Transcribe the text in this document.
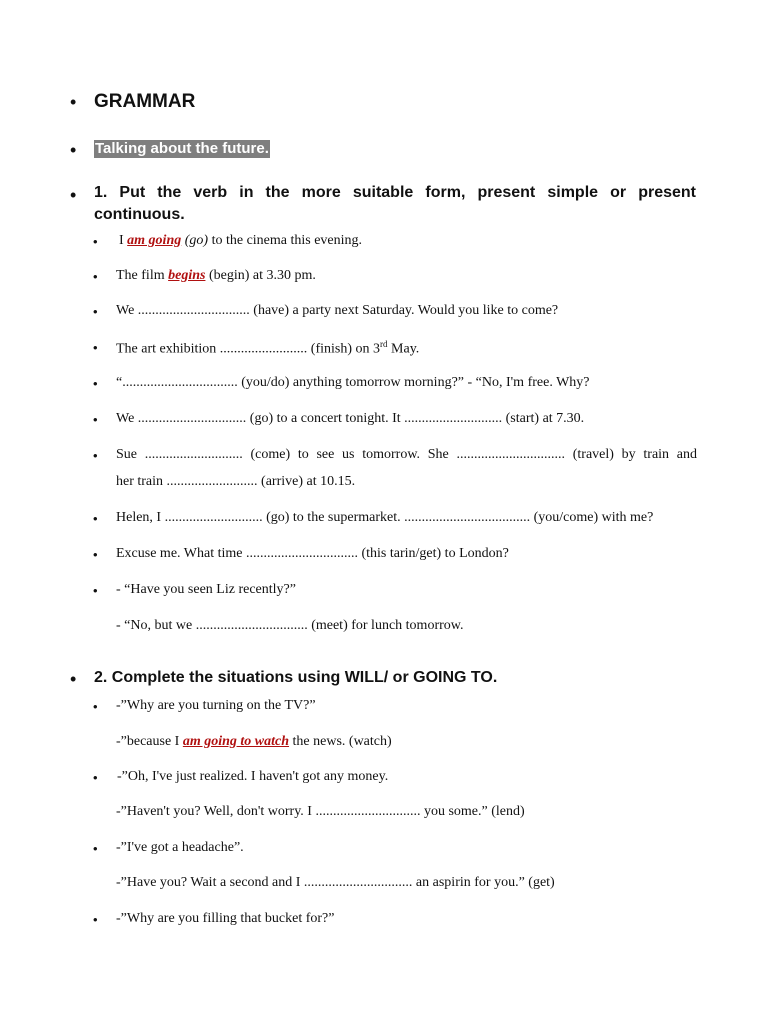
• GRAMMAR
• Talking about the future.
• 1. Put the verb in the more suitable form, present simple or present
continuous.
• I am going (go) to the cinema this evening.
• The film begins (begin) at 3.30 pm.
• We ................................ (have) a party next Saturday. Would you like to come?
• The art exhibition ......................... (finish) on 3rd May.
• “................................. (you/do) anything tomorrow morning?” - “No, I'm free. Why?
• We ............................... (go) to a concert tonight. It ............................ (start) at 7.30.
• Sue ............................ (come) to see us tomorrow. She ............................... (travel) by train and
her train .......................... (arrive) at 10.15.
• Helen, I ............................ (go) to the supermarket. .................................... (you/come) with me?
• Excuse me. What time ................................ (this tarin/get) to London?
• - “Have you seen Liz recently?”
- “No, but we ................................ (meet) for lunch tomorrow.
• 2. Complete the situations using WILL/ or GOING TO.
• -”Why are you turning on the TV?”
-”because I am going to watch the news. (watch)
• -”Oh, I've just realized. I haven't got any money.
-”Haven't you? Well, don't worry. I .............................. you some.” (lend)
• -”I've got a headache”.
-”Have you? Wait a second and I ............................... an aspirin for you.” (get)
• -”Why are you filling that bucket for?”
